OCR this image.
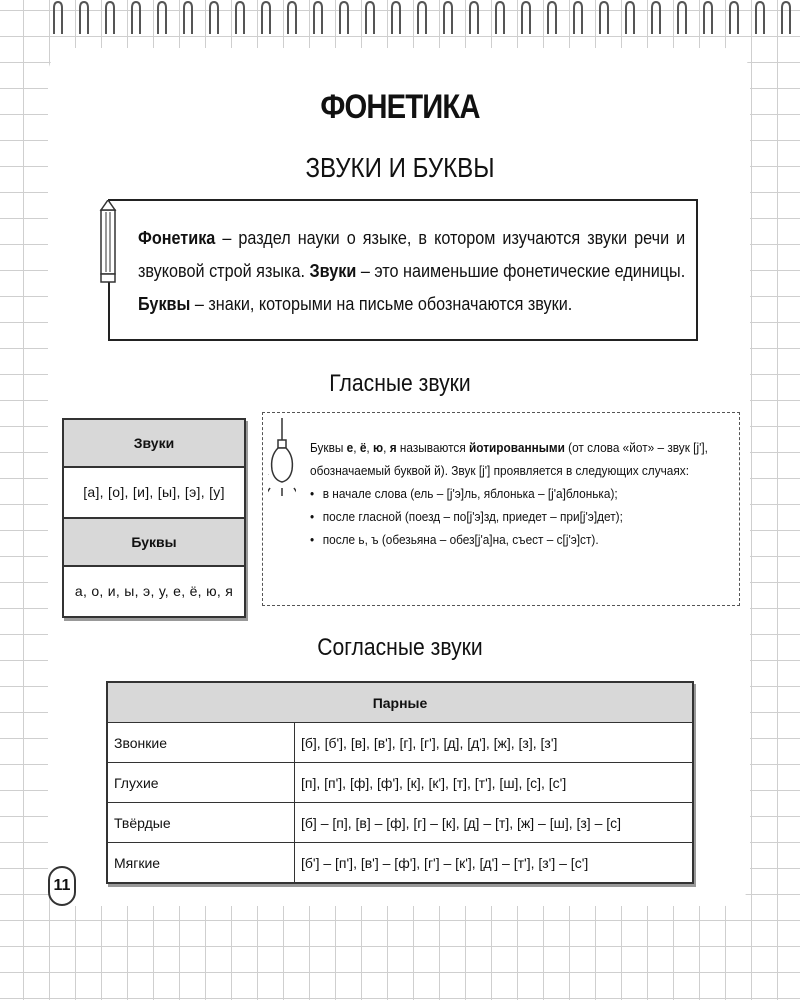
ФОНЕТИКА
ЗВУКИ И БУКВЫ
Фонетика – раздел науки о языке, в котором изучаются звуки речи и звуковой строй языка. Звуки – это наименьшие фонетические единицы. Буквы – знаки, которыми на письме обозначаются звуки.
Гласные звуки
Звуки
[а], [о], [и], [ы], [э], [у]
Буквы
а, о, и, ы, э, у, е, ё, ю, я
Буквы е, ё, ю, я называются йотированными (от слова «йот» – звук [j'], обозначаемый буквой й). Звук [j'] проявляется в следующих случаях:
• в начале слова (ель – [j'э]ль, яблонька – [j'а]блонька);
• после гласной (поезд – по[j'э]зд, приедет – при[j'э]дет);
• после ь, ъ (обезьяна – обез[j'а]на, съест – с[j'э]ст).
Согласные звуки
Парные	
Звонкие	[б], [б'], [в], [в'], [г], [г'], [д], [д'], [ж], [з], [з']
Глухие	[п], [п'], [ф], [ф'], [к], [к'], [т], [т'], [ш], [с], [с']
Твёрдые	[б] – [п], [в] – [ф], [г] – [к], [д] – [т], [ж] – [ш], [з] – [с]
Мягкие	[б'] – [п'], [в'] – [ф'], [г'] – [к'], [д'] – [т'], [з'] – [с']
11
